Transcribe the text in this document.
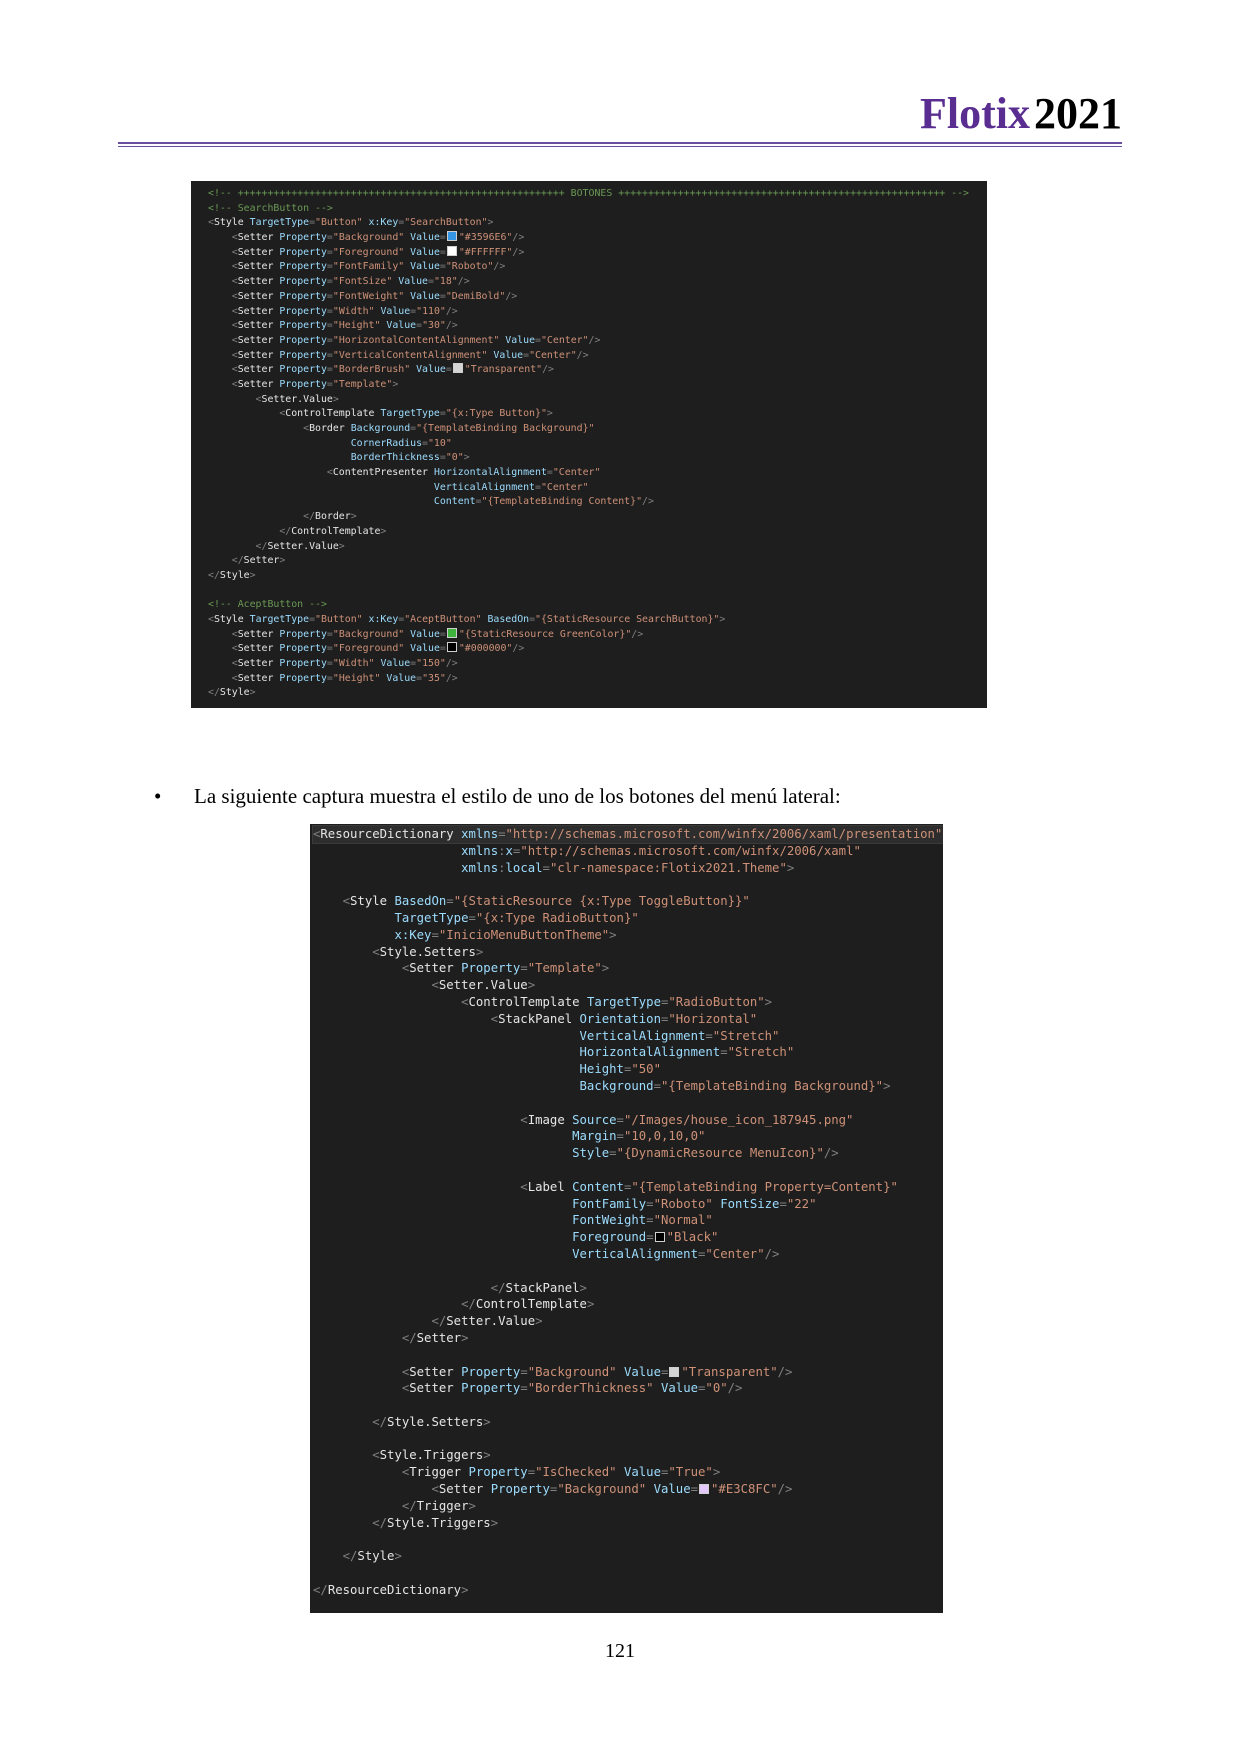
Flotix 2021
<!-- +++++++++++++++++++++++++++++++++++++++++++++++++++++++ BOTONES +++++++++++++++++++++++++++++++++++++++++++++++++++++++ -->
<!-- SearchButton -->
<Style TargetType="Button" x:Key="SearchButton">
<Setter Property="Background" Value= "#3596E6"/>
<Setter Property="Foreground" Value= "#FFFFFF"/>
<Setter Property="FontFamily" Value="Roboto"/>
<Setter Property="FontSize" Value="18"/>
<Setter Property="FontWeight" Value="DemiBold"/>
<Setter Property="Width" Value="110"/>
<Setter Property="Height" Value="30"/>
<Setter Property="HorizontalContentAlignment" Value="Center"/>
<Setter Property="VerticalContentAlignment" Value="Center"/>
<Setter Property="BorderBrush" Value= "Transparent"/>
<Setter Property="Template">
<Setter.Value>
<ControlTemplate TargetType="{x:Type Button}">
<Border Background="{TemplateBinding Background}"
CornerRadius="10"
BorderThickness="0">
<ContentPresenter HorizontalAlignment="Center"
VerticalAlignment="Center"
Content="{TemplateBinding Content}"/>
</Border>
</ControlTemplate>
</Setter.Value>
</Setter>
</Style>

<!-- AceptButton -->
<Style TargetType="Button" x:Key="AceptButton" BasedOn="{StaticResource SearchButton}">
<Setter Property="Background" Value= "{StaticResource GreenColor}"/>
<Setter Property="Foreground" Value= "#000000"/>
<Setter Property="Width" Value="150"/>
<Setter Property="Height" Value="35"/>
</Style>
• La siguiente captura muestra el estilo de uno de los botones del menú lateral:
<ResourceDictionary xmlns="http://schemas.microsoft.com/winfx/2006/xaml/presentation"
xmlns:x="http://schemas.microsoft.com/winfx/2006/xaml"
xmlns:local="clr-namespace:Flotix2021.Theme">

<Style BasedOn="{StaticResource {x:Type ToggleButton}}"
TargetType="{x:Type RadioButton}"
x:Key="InicioMenuButtonTheme">
<Style.Setters>
<Setter Property="Template">
<Setter.Value>
<ControlTemplate TargetType="RadioButton">
<StackPanel Orientation="Horizontal"
VerticalAlignment="Stretch"
HorizontalAlignment="Stretch"
Height="50"
Background="{TemplateBinding Background}">

<Image Source="/Images/house_icon_187945.png"
Margin="10,0,10,0"
Style="{DynamicResource MenuIcon}"/>

<Label Content="{TemplateBinding Property=Content}"
FontFamily="Roboto" FontSize="22"
FontWeight="Normal"
Foreground= "Black"
VerticalAlignment="Center"/>

</StackPanel>
</ControlTemplate>
</Setter.Value>
</Setter>

<Setter Property="Background" Value= "Transparent"/>
<Setter Property="BorderThickness" Value="0"/>

</Style.Setters>

<Style.Triggers>
<Trigger Property="IsChecked" Value="True">
<Setter Property="Background" Value= "#E3C8FC"/>
</Trigger>
</Style.Triggers>

</Style>

</ResourceDictionary>
121
